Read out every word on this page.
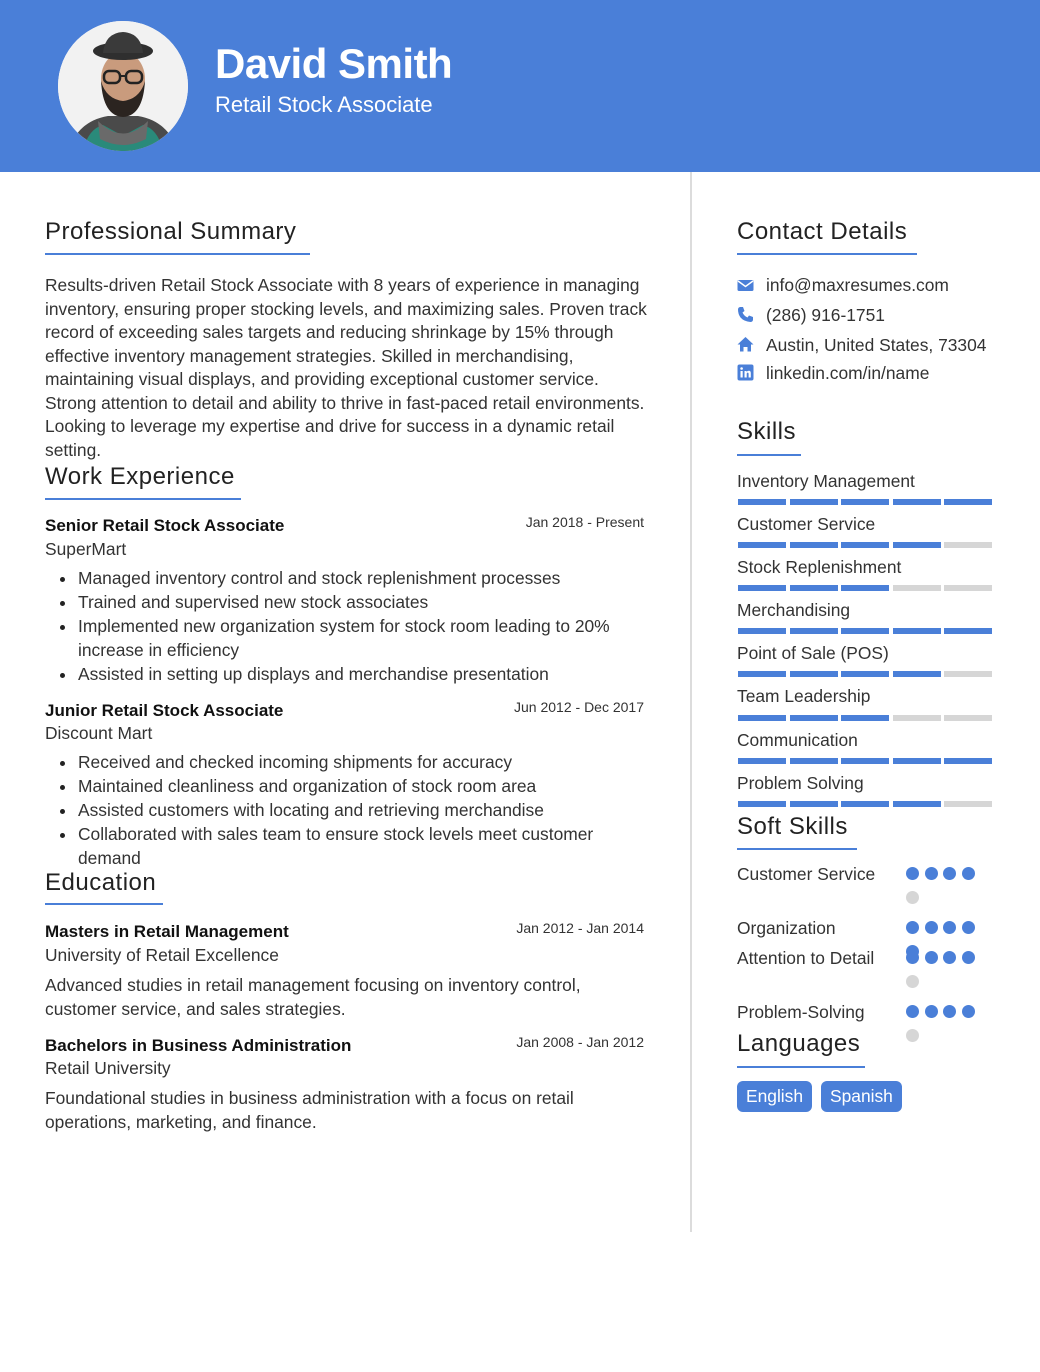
David Smith
Retail Stock Associate
Professional Summary
Results-driven Retail Stock Associate with 8 years of experience in managing inventory, ensuring proper stocking levels, and maximizing sales. Proven track record of exceeding sales targets and reducing shrinkage by 15% through effective inventory management strategies. Skilled in merchandising, maintaining visual displays, and providing exceptional customer service. Strong attention to detail and ability to thrive in fast-paced retail environments. Looking to leverage my expertise and drive for success in a dynamic retail setting.
Work Experience
Senior Retail Stock Associate	Jan 2018 - Present
SuperMart
Managed inventory control and stock replenishment processes
Trained and supervised new stock associates
Implemented new organization system for stock room leading to 20% increase in efficiency
Assisted in setting up displays and merchandise presentation
Junior Retail Stock Associate	Jun 2012 - Dec 2017
Discount Mart
Received and checked incoming shipments for accuracy
Maintained cleanliness and organization of stock room area
Assisted customers with locating and retrieving merchandise
Collaborated with sales team to ensure stock levels meet customer demand
Education
Masters in Retail Management	Jan 2012 - Jan 2014
University of Retail Excellence
Advanced studies in retail management focusing on inventory control, customer service, and sales strategies.
Bachelors in Business Administration	Jan 2008 - Jan 2012
Retail University
Foundational studies in business administration with a focus on retail operations, marketing, and finance.
Contact Details
info@maxresumes.com
(286) 916-1751
Austin, United States, 73304
linkedin.com/in/name
Skills
Inventory Management
Customer Service
Stock Replenishment
Merchandising
Point of Sale (POS)
Team Leadership
Communication
Problem Solving
Soft Skills
Customer Service
Organization
Attention to Detail
Problem-Solving
Languages
English	Spanish
